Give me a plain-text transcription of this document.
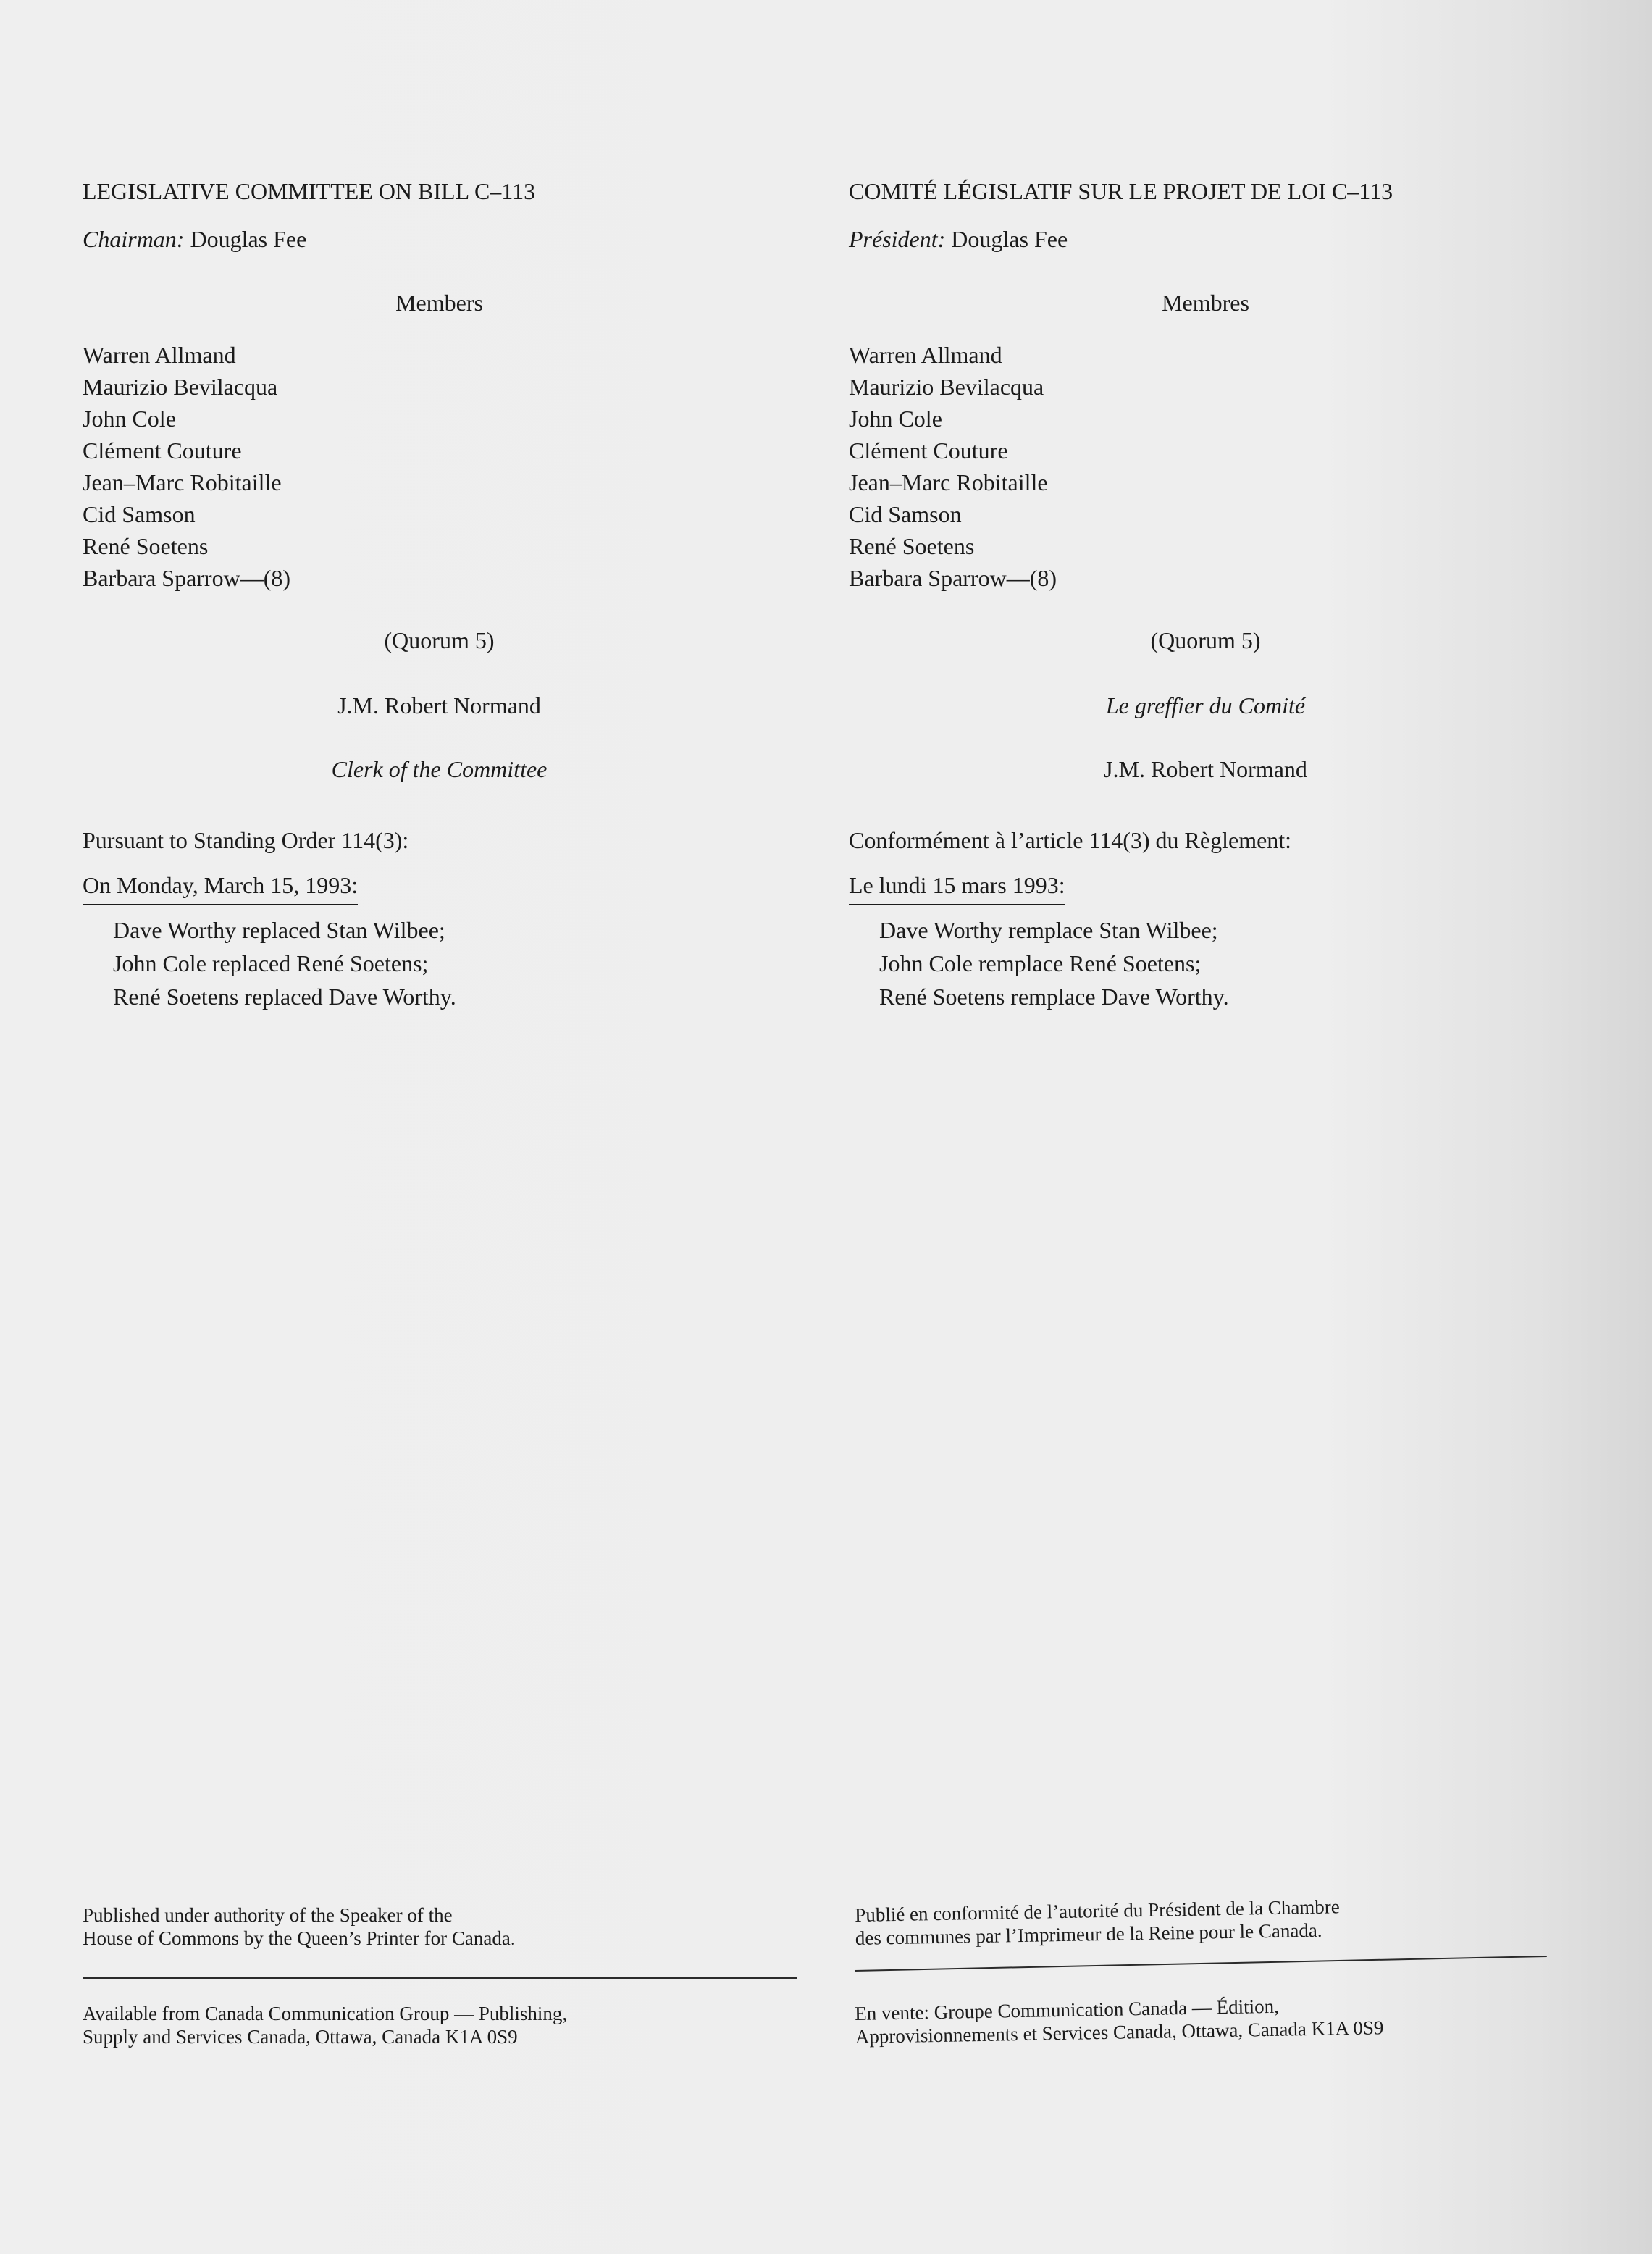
LEGISLATIVE COMMITTEE ON BILL C–113
Chairman: Douglas Fee
Members
Warren Allmand
Maurizio Bevilacqua
John Cole
Clément Couture
Jean–Marc Robitaille
Cid Samson
René Soetens
Barbara Sparrow—(8)
(Quorum 5)
J.M. Robert Normand
Clerk of the Committee
Pursuant to Standing Order 114(3):
On Monday, March 15, 1993:
Dave Worthy replaced Stan Wilbee;
John Cole replaced René Soetens;
René Soetens replaced Dave Worthy.
COMITÉ LÉGISLATIF SUR LE PROJET DE LOI C–113
Président: Douglas Fee
Membres
Warren Allmand
Maurizio Bevilacqua
John Cole
Clément Couture
Jean–Marc Robitaille
Cid Samson
René Soetens
Barbara Sparrow—(8)
(Quorum 5)
Le greffier du Comité
J.M. Robert Normand
Conformément à l’article 114(3) du Règlement:
Le lundi 15 mars 1993:
Dave Worthy remplace Stan Wilbee;
John Cole remplace René Soetens;
René Soetens remplace Dave Worthy.
Published under authority of the Speaker of the
House of Commons by the Queen’s Printer for Canada.
Publié en conformité de l’autorité du Président de la Chambre
des communes par l’Imprimeur de la Reine pour le Canada.
Available from Canada Communication Group — Publishing,
Supply and Services Canada, Ottawa, Canada K1A 0S9
En vente: Groupe Communication Canada — Édition,
Approvisionnements et Services Canada, Ottawa, Canada K1A 0S9
